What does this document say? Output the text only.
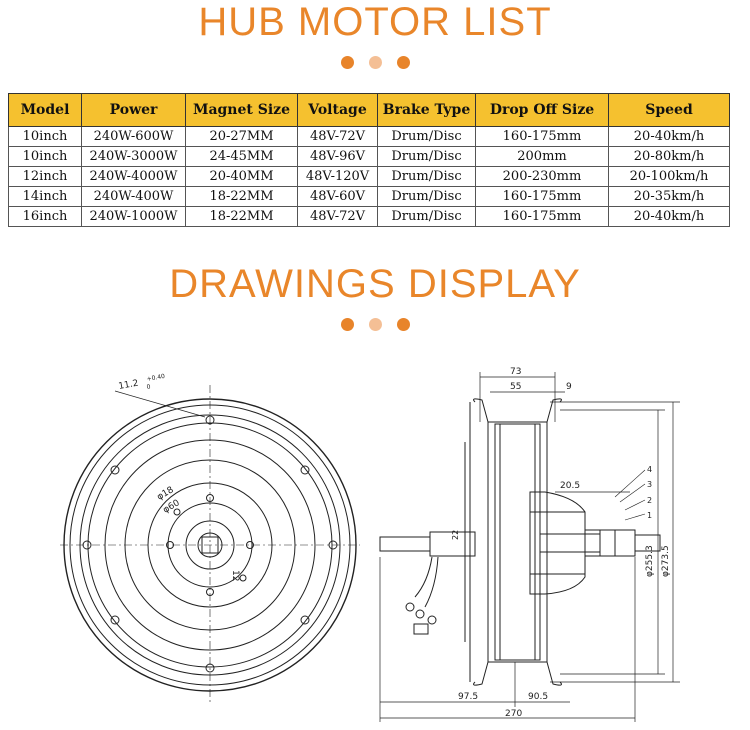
HUB MOTOR LIST
Model	Power	Magnet Size	Voltage	Brake Type	Drop Off Size	Speed
10inch	240W-600W	20-27MM	48V-72V	Drum/Disc	160-175mm	20-40km/h
10inch	240W-3000W	24-45MM	48V-96V	Drum/Disc	200mm	20-80km/h
12inch	240W-4000W	20-40MM	48V-120V	Drum/Disc	200-230mm	20-100km/h
14inch	240W-400W	18-22MM	48V-60V	Drum/Disc	160-175mm	20-35km/h
16inch	240W-1000W	18-22MM	48V-72V	Drum/Disc	160-175mm	20-40km/h
DRAWINGS DISPLAY
11.2
+0.40
0
φ18
φ60
12
73
55	9
φ255.3 φ273.5
20.5
1
2
3
4
22
97.5	90.5
270
